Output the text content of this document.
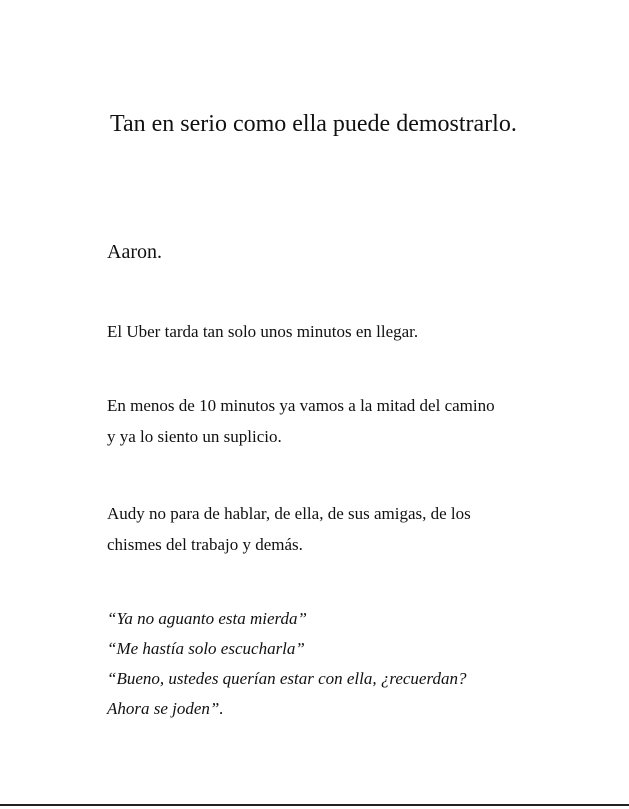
Tan en serio como ella puede demostrarlo.
Aaron.

El Uber tarda tan solo unos minutos en llegar.

En menos de 10 minutos ya vamos a la mitad del camino
y ya lo siento un suplicio.

Audy no para de hablar, de ella, de sus amigas, de los
chismes del trabajo y demás.

“Ya no aguanto esta mierda”
“Me hastía solo escucharla”
“Bueno, ustedes querían estar con ella, ¿recuerdan?
Ahora se joden”.
